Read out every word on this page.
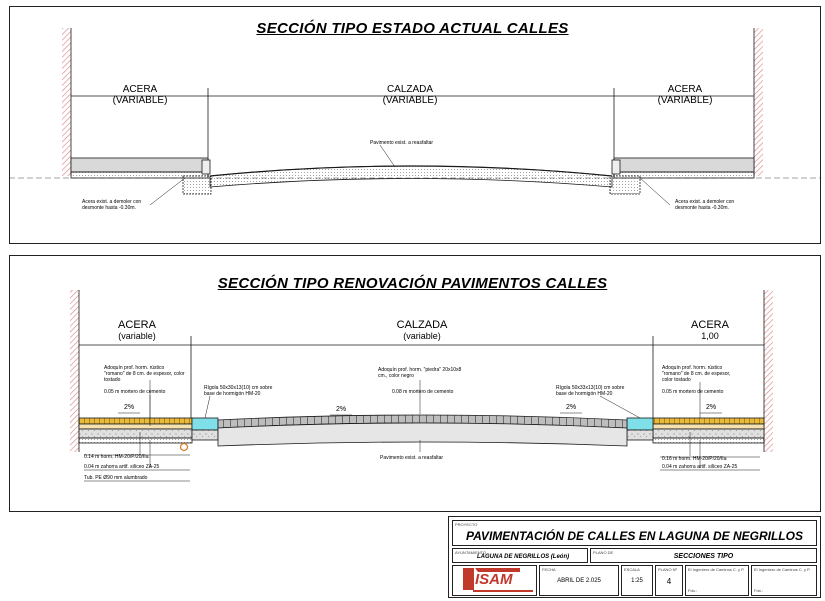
SECCIÓN TIPO ESTADO ACTUAL CALLES
ACERA
(VARIABLE)
CALZADA
(VARIABLE)
ACERA
(VARIABLE)
Pavimento exist. a reasfaltar
Acera exist. a demoler con desmonte hasta -0.30m.
Acera exist. a demoler con desmonte hasta -0.30m.
SECCIÓN TIPO RENOVACIÓN PAVIMENTOS CALLES
ACERA
(variable)
CALZADA
(variable)
ACERA
1,00
2%	2%	2%	2%
Adoquín prof. horm. rústico "romano" de 8 cm. de espesor, color tostado
0.05 m mortero de cemento
Rígola 50x30x13(10) cm sobre base de hormigón HM-20
Adoquín prof. horm. "piedra" 20x10x8 cm., color negro
0.08 m mortero de cemento
Rígola 50x33x13(10) cm sobre base de hormigón HM-20
Adoquín prof. horm. rústico "romano" de 8 cm. de espesor, color tostado
0.05 m mortero de cemento
0.14 m horm. HM-20/P/20/IIa
0.04 m zahorra artif. silíceo ZA-25
Tub. PE Ø90 mm alumbrado
Pavimento exist. a reasfaltar	0.16 m horm. HM-20/P/20/IIa
0.04 m zahorra artif. silíceo ZA-25
PROYECTO
PAVIMENTACIÓN DE CALLES EN LAGUNA DE NEGRILLOS
AYUNTAMIENTO
LAGUNA DE NEGRILLOS (León)
PLANO DE
SECCIONES TIPO
ISAM
FECHA
ABRIL DE 2.025
ESCALA
1:25
PLANO Nº
4
El Ingeniero de Caminos C. y P.
Fdo.:
El Ingeniero de Caminos C. y P.
Fdo.:
